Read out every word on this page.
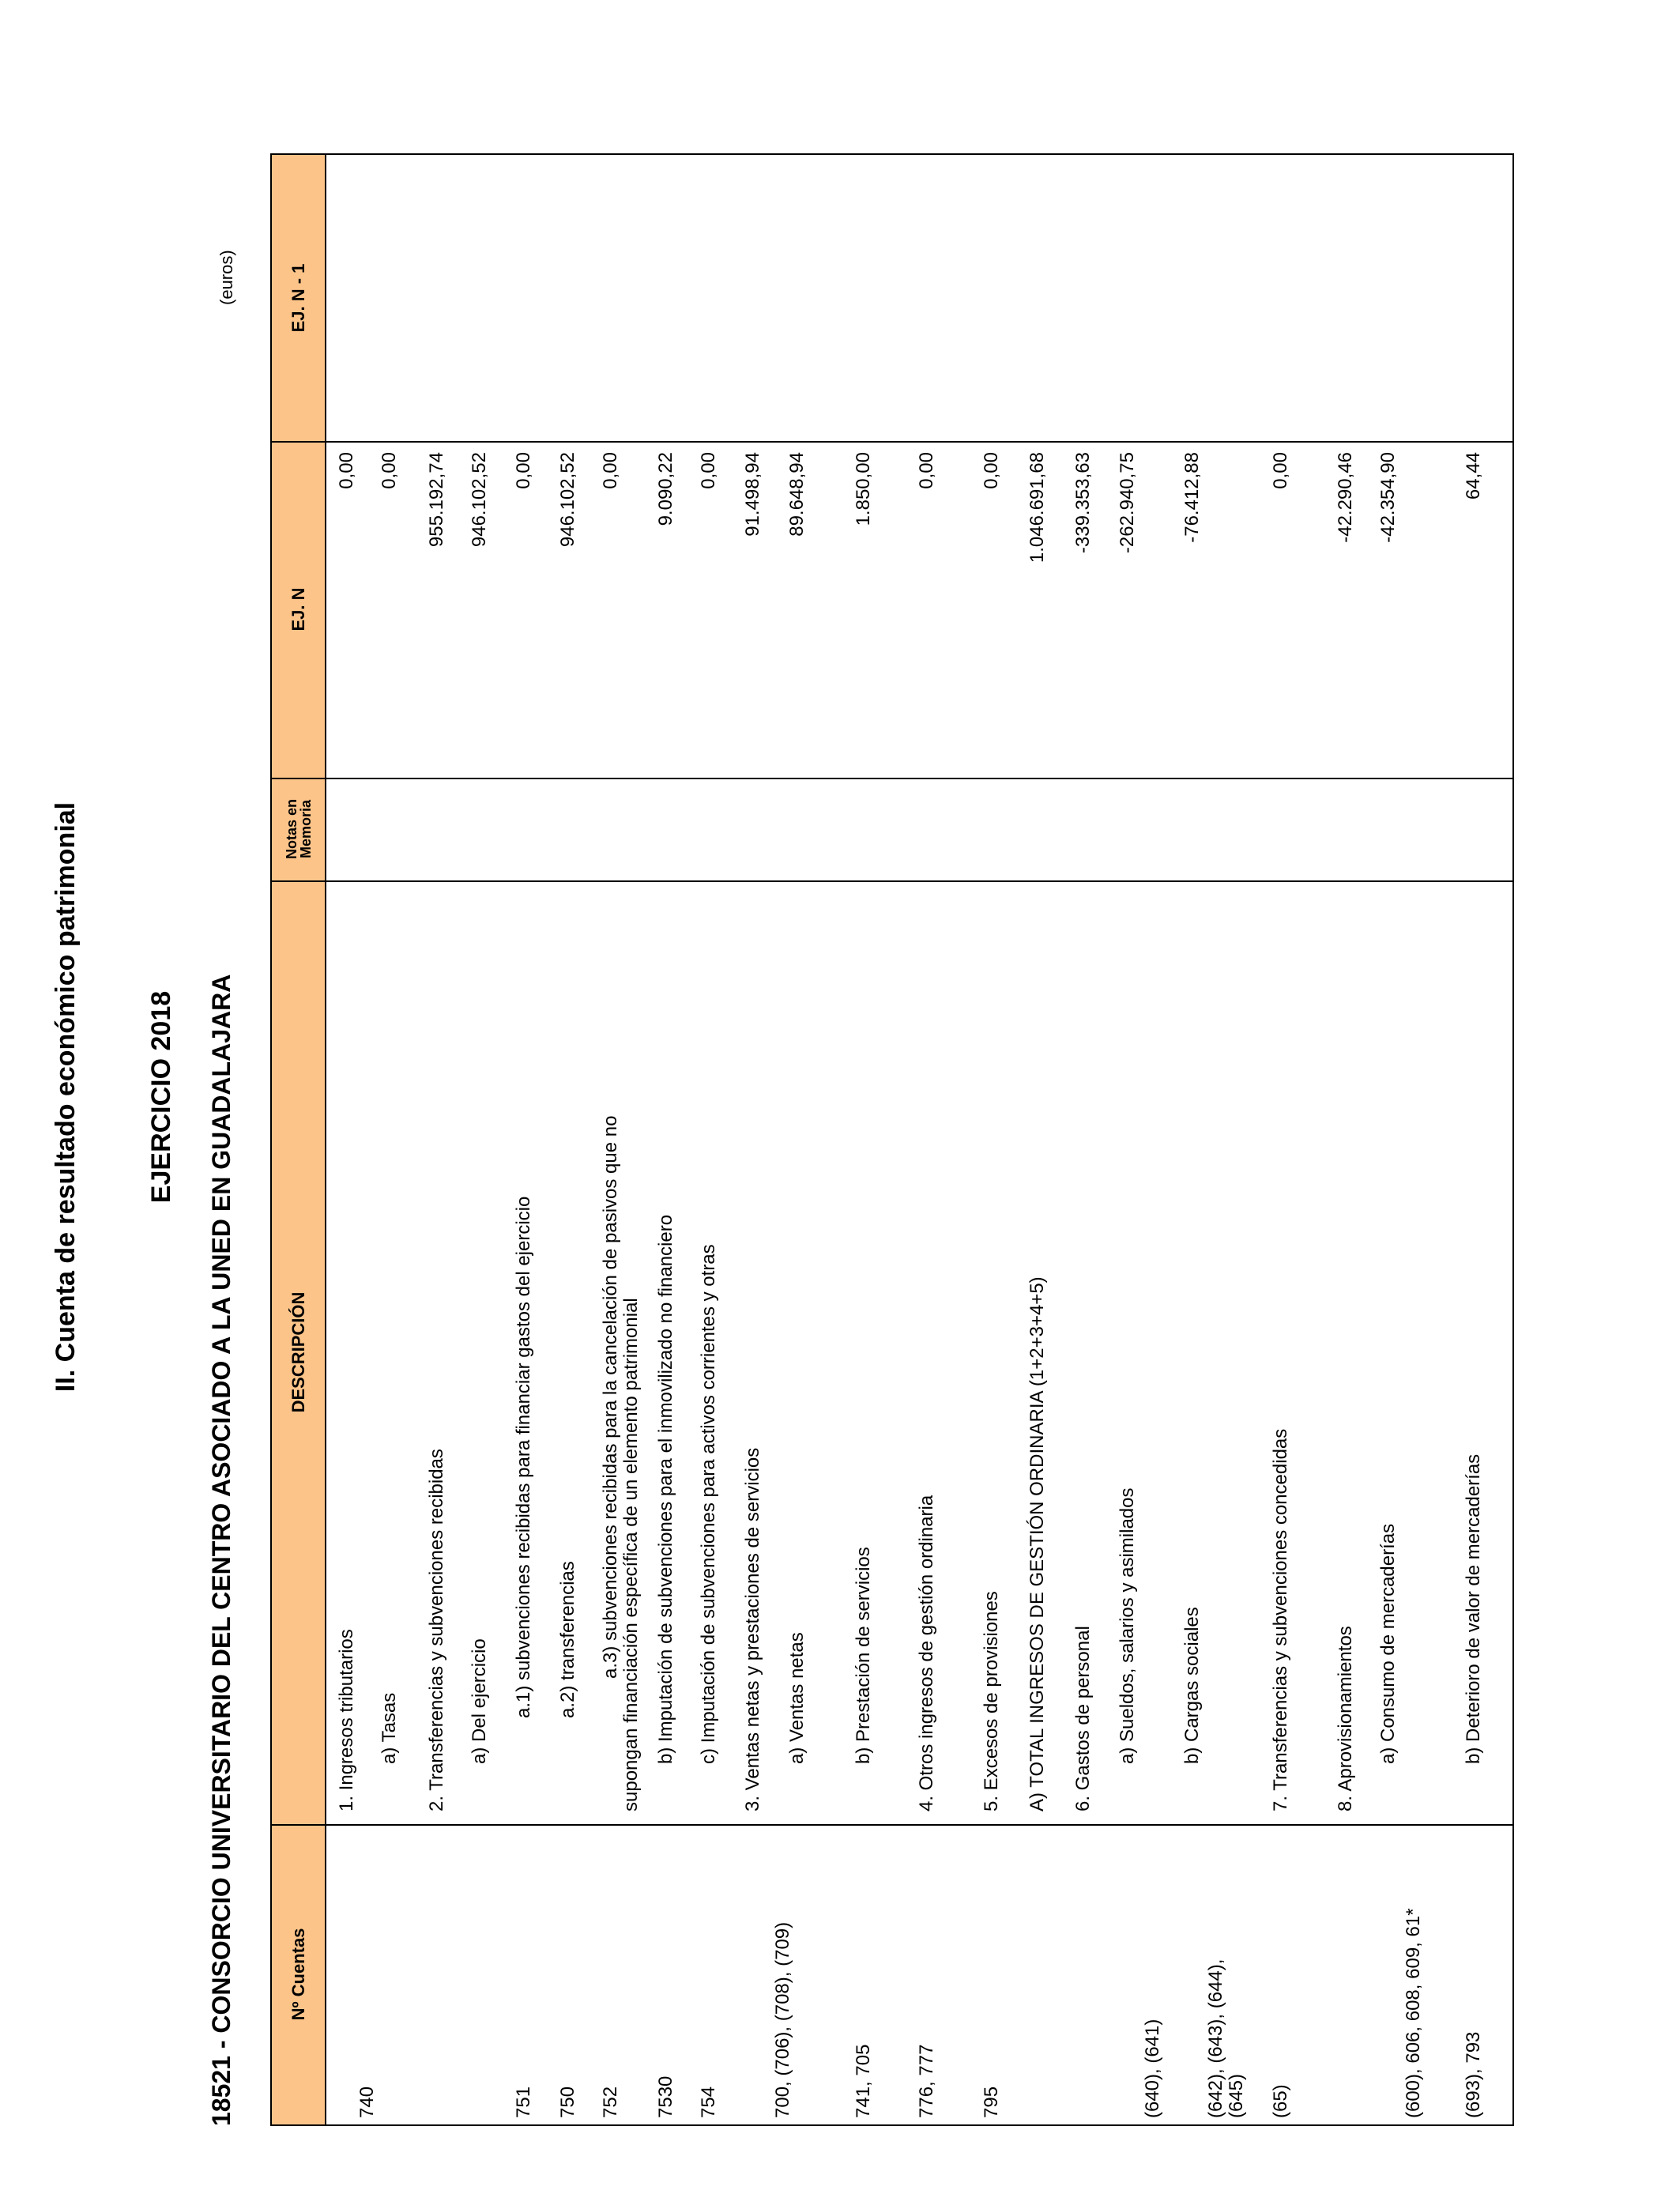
II. Cuenta de resultado económico patrimonial EJERCICIO 2018 18521 - CONSORCIO UNIVERSITARIO DEL CENTRO ASOCIADO A LA UNED EN GUADALAJARA
(euros)
Nº Cuentas
DESCRIPCIÓN
Notas en
Memoria
EJ. N
EJ. N - 1
1. Ingresos tributarios
0,00
740
a) Tasas
0,00
2. Transferencias y subvenciones recibidas
955.192,74
a) Del ejercicio
946.102,52
751
a.1) subvenciones recibidas para financiar gastos del ejercicio
0,00
750
a.2) transferencias
946.102,52
752
a.3) subvenciones recibidas para la cancelación de pasivos que no supongan financiación específica de un elemento patrimonial
0,00
7530
b) Imputación de subvenciones para el inmovilizado no financiero
9.090,22
754
c) Imputación de subvenciones para activos corrientes y otras
0,00
3. Ventas netas y prestaciones de servicios
91.498,94
700, (706), (708), (709)
a) Ventas netas
89.648,94
741, 705
b) Prestación de servicios
1.850,00
776, 777
4. Otros ingresos de gestión ordinaria
0,00
795
5. Excesos de provisiones
0,00
A) TOTAL INGRESOS DE GESTIÓN ORDINARIA (1+2+3+4+5)
1.046.691,68
6. Gastos de personal
-339.353,63
(640), (641)
a) Sueldos, salarios y asimilados
-262.940,75
(642), (643), (644), (645)
b) Cargas sociales
-76.412,88
(65)
7. Transferencias y subvenciones concedidas
0,00
8. Aprovisionamientos
-42.290,46
(600), 606, 608, 609, 61*
a) Consumo de mercaderías
-42.354,90
(693), 793
b) Deterioro de valor de mercaderías
64,44
